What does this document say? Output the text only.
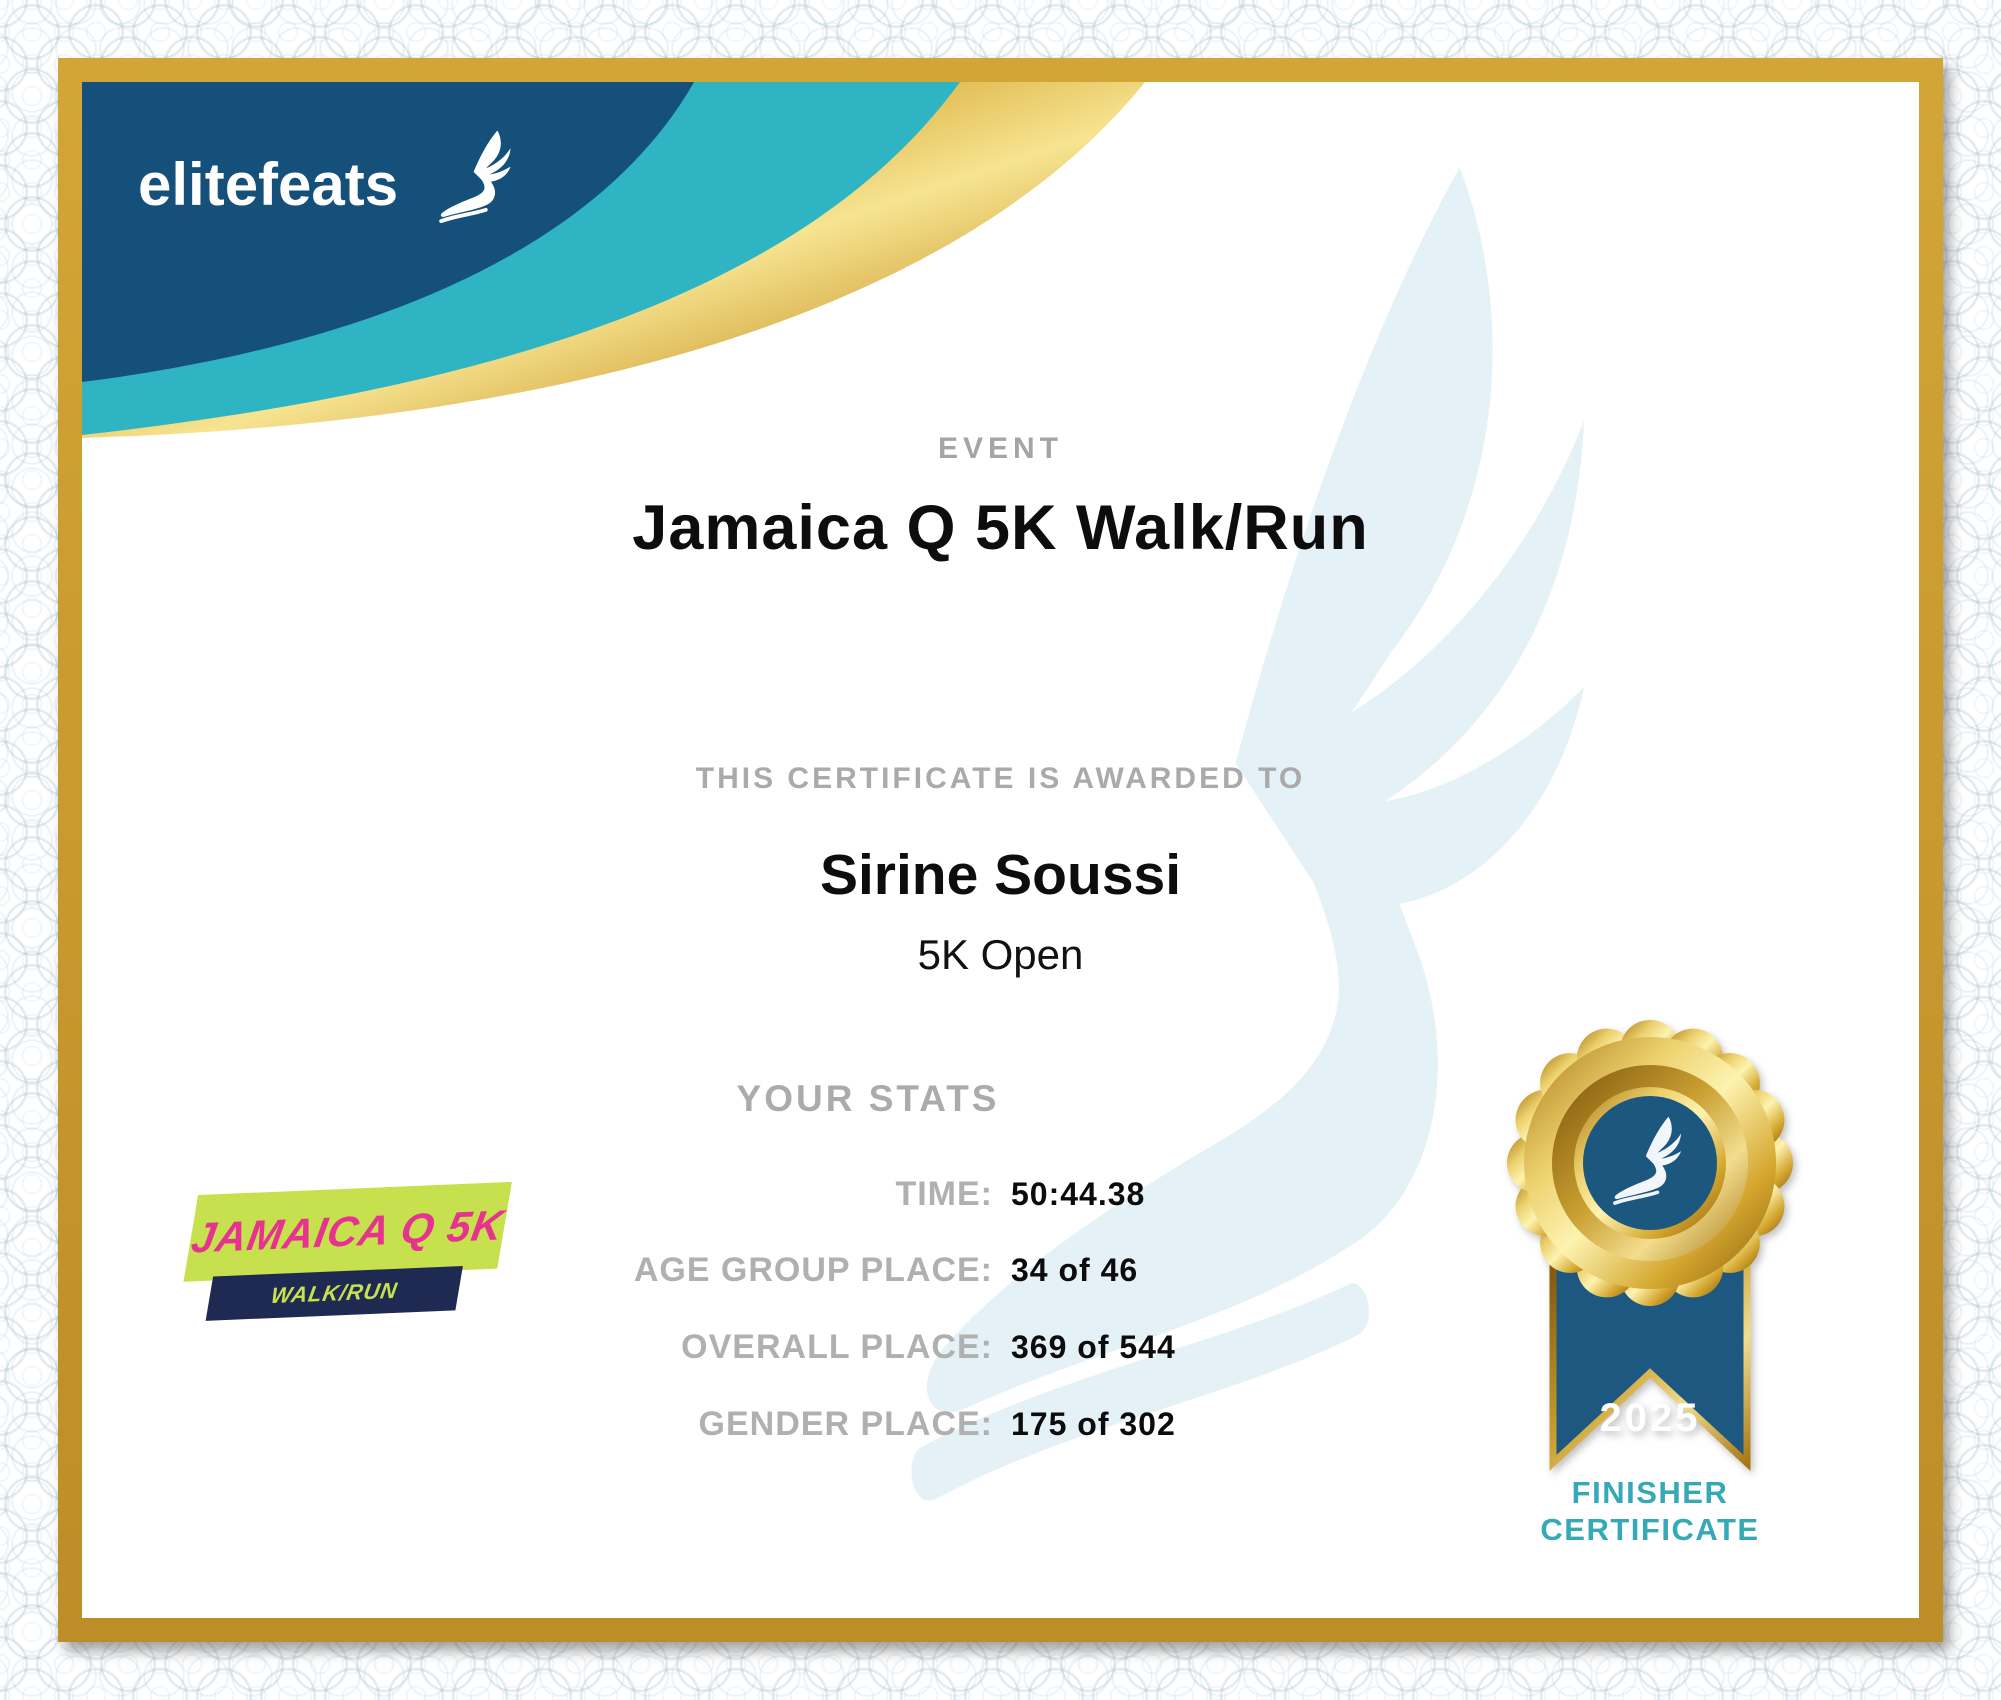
elitefeats
EVENT
Jamaica Q 5K Walk/Run
THIS CERTIFICATE IS AWARDED TO
Sirine Soussi
5K Open
YOUR STATS
TIME: 50:44.38
AGE GROUP PLACE: 34 of 46
OVERALL PLACE: 369 of 544
GENDER PLACE: 175 of 302
JAMAICA Q 5K
WALK/RUN
2025
FINISHER
CERTIFICATE
